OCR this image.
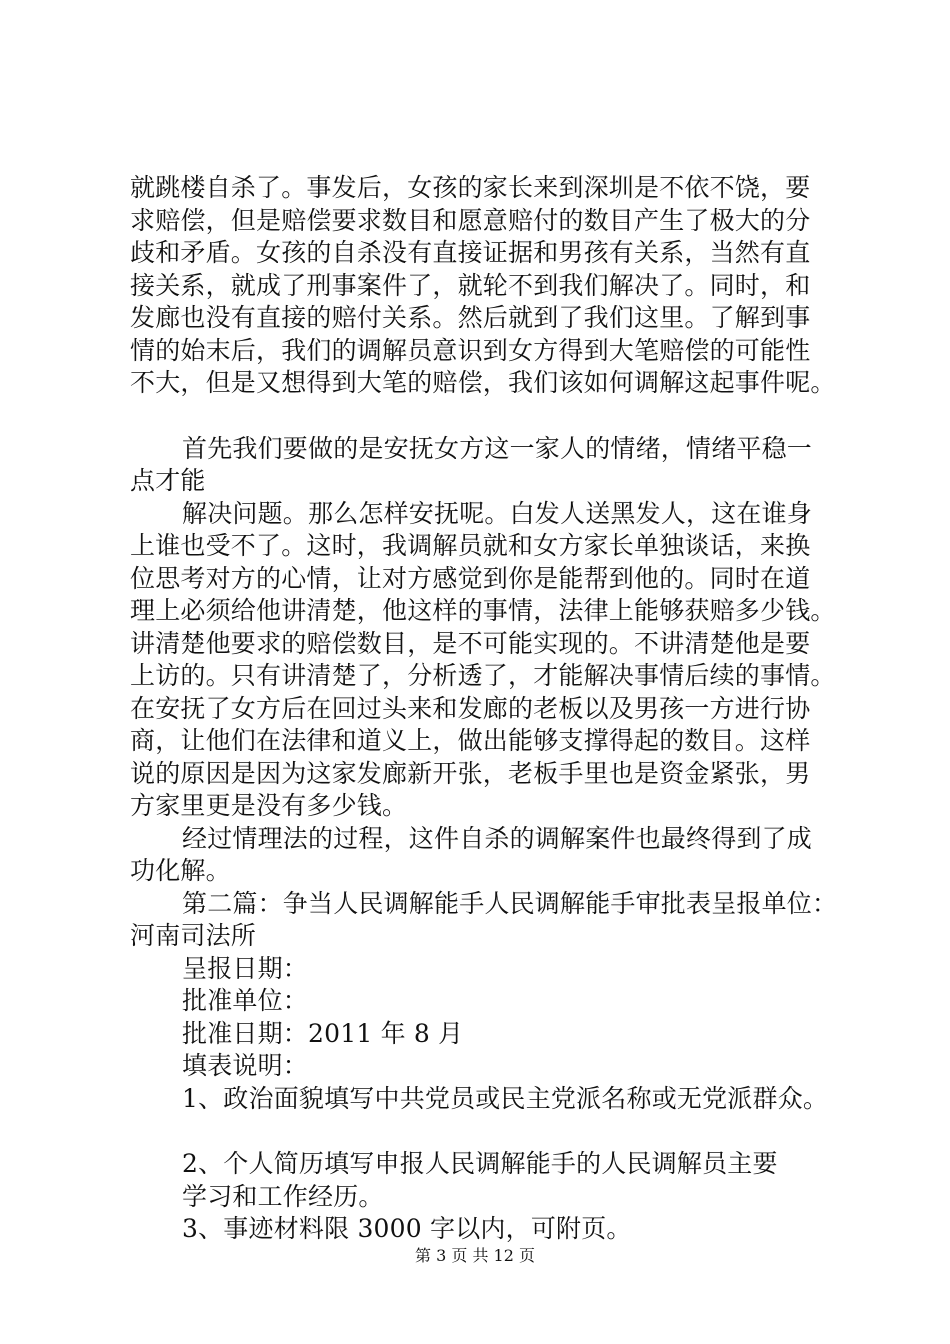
就跳楼自杀了。事发后，女孩的家长来到深圳是不依不饶，要
求赔偿，但是赔偿要求数目和愿意赔付的数目产生了极大的分
歧和矛盾。女孩的自杀没有直接证据和男孩有关系，当然有直
接关系，就成了刑事案件了，就轮不到我们解决了。同时，和
发廊也没有直接的赔付关系。然后就到了我们这里。了解到事
情的始末后，我们的调解员意识到女方得到大笔赔偿的可能性
不大，但是又想得到大笔的赔偿，我们该如何调解这起事件呢。
首先我们要做的是安抚女方这一家人的情绪，情绪平稳一
点才能
解决问题。那么怎样安抚呢。白发人送黑发人，这在谁身
上谁也受不了。这时，我调解员就和女方家长单独谈话，来换
位思考对方的心情，让对方感觉到你是能帮到他的。同时在道
理上必须给他讲清楚，他这样的事情，法律上能够获赔多少钱。
讲清楚他要求的赔偿数目，是不可能实现的。不讲清楚他是要
上访的。只有讲清楚了，分析透了，才能解决事情后续的事情。
在安抚了女方后在回过头来和发廊的老板以及男孩一方进行协
商，让他们在法律和道义上，做出能够支撑得起的数目。这样
说的原因是因为这家发廊新开张，老板手里也是资金紧张，男
方家里更是没有多少钱。
经过情理法的过程，这件自杀的调解案件也最终得到了成
功化解。
第二篇：争当人民调解能手人民调解能手审批表呈报单位：
河南司法所
呈报日期：
批准单位：
批准日期：2011 年 8 月
填表说明：
1、政治面貌填写中共党员或民主党派名称或无党派群众。
2、个人简历填写申报人民调解能手的人民调解员主要
学习和工作经历。
3、事迹材料限 3000 字以内，可附页。
第 3 页 共 12 页
